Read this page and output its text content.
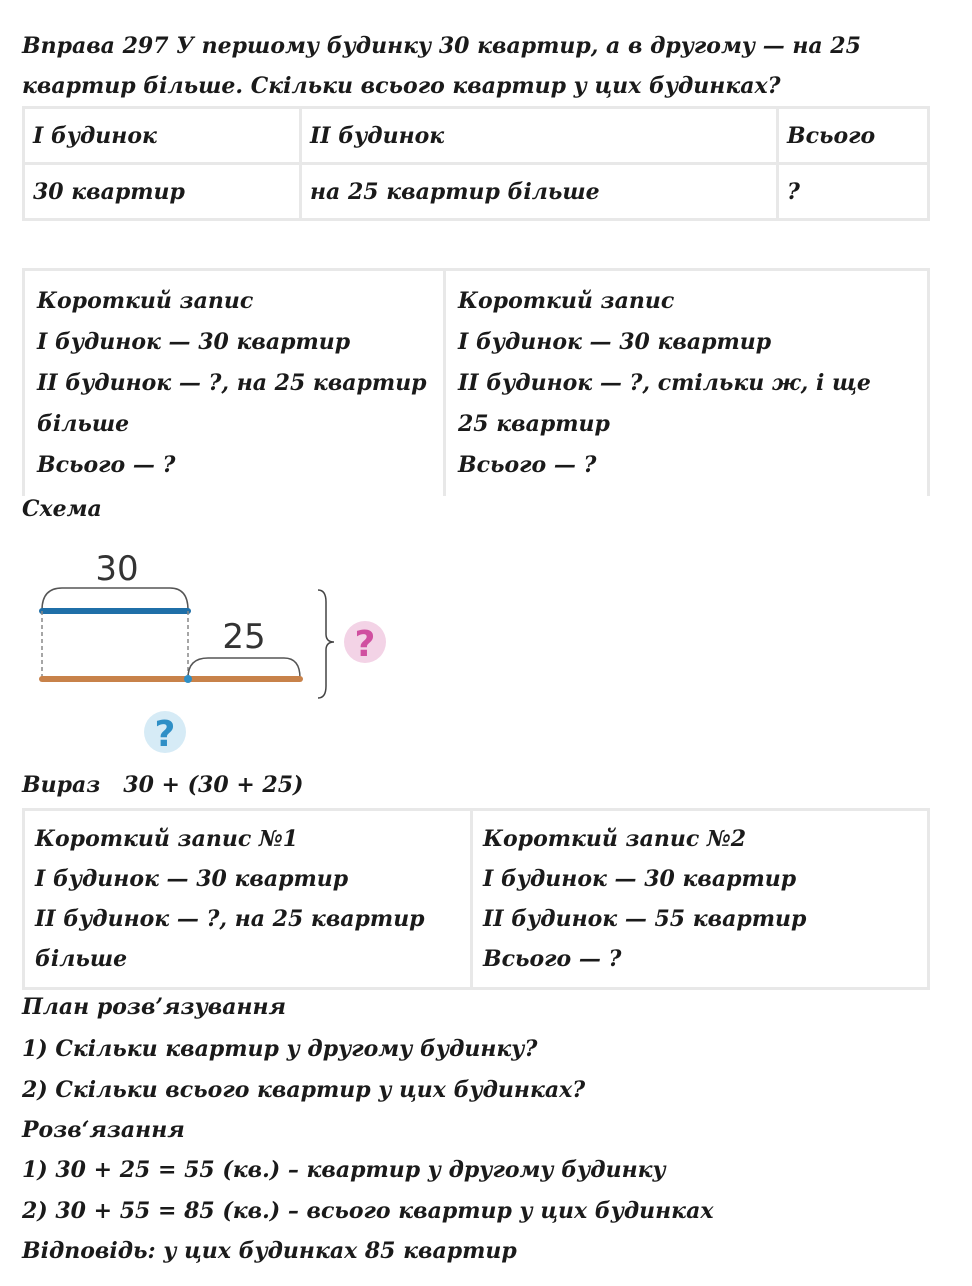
Вправа 297 У першому будинку 30 квартир, а в другому — на 25 квартир більше. Скільки всього квартир у цих будинках?
І будинок	ІІ будинок	Всього
30 квартир	на 25 квартир більше	?
Короткий запис
І будинок — 30 квартир
ІІ будинок — ?, на 25 квартир більше
Всього — ?

Короткий запис
І будинок — 30 квартир
ІІ будинок — ?, стільки ж, і ще 25 квартир
Всього — ?
Схема
30
25 ?
?
Вираз 30 + (30 + 25)
Короткий запис №1
І будинок — 30 квартир
ІІ будинок — ?, на 25 квартир більше

Короткий запис №2
І будинок — 30 квартир
ІІ будинок — 55 квартир
Всього — ?
План розв’язування
1) Скільки квартир у другому будинку?
2) Скільки всього квартир у цих будинках?
Розв‘язання
1) 30 + 25 = 55 (кв.) – квартир у другому будинку
2) 30 + 55 = 85 (кв.) – всього квартир у цих будинках
Відповідь: у цих будинках 85 квартир
